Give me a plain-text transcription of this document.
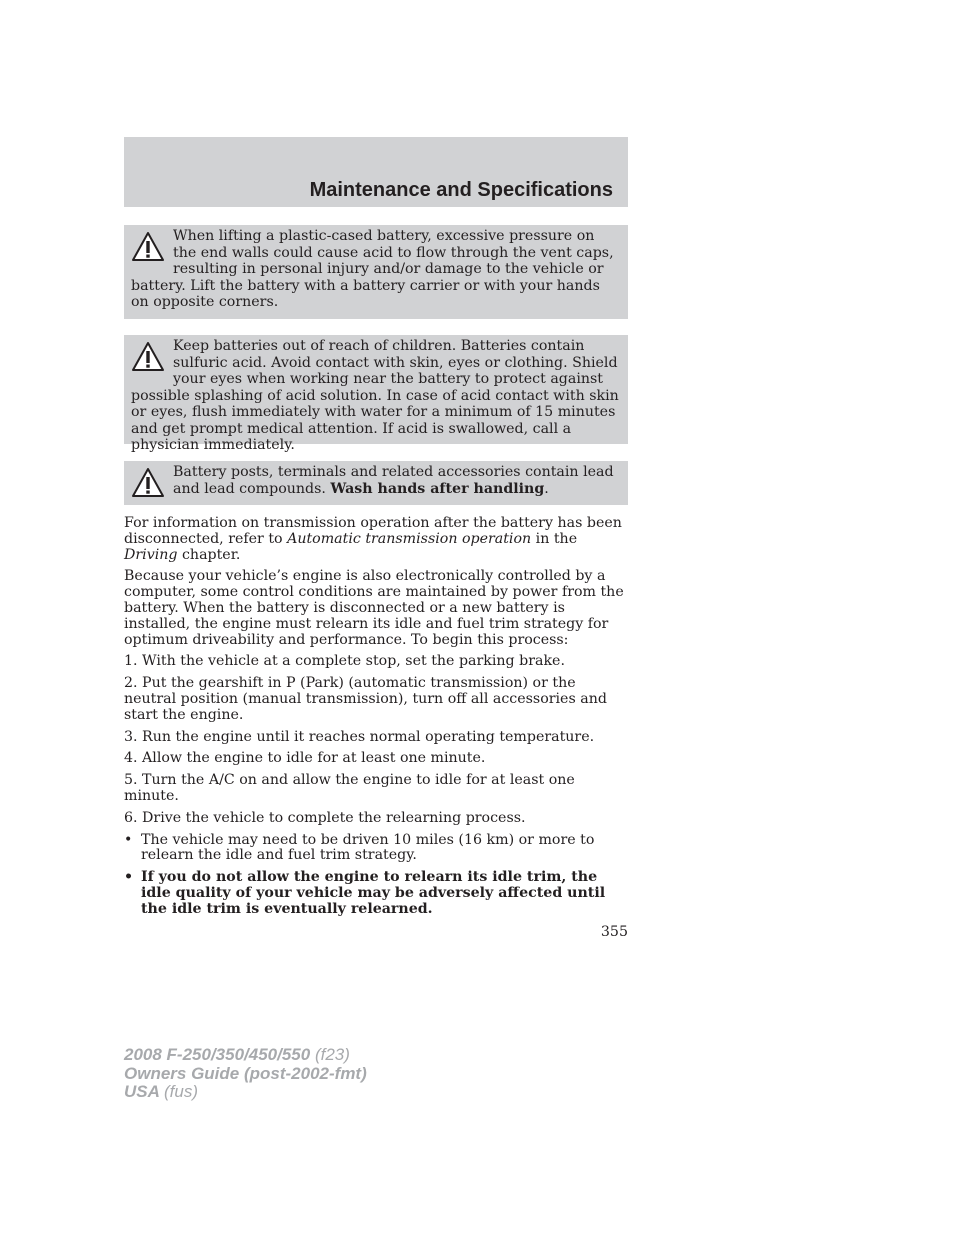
Maintenance and Specifications

When lifting a plastic-cased battery, excessive pressure on the end walls could cause acid to flow through the vent caps, resulting in personal injury and/or damage to the vehicle or battery. Lift the battery with a battery carrier or with your hands on opposite corners.

Keep batteries out of reach of children. Batteries contain sulfuric acid. Avoid contact with skin, eyes or clothing. Shield your eyes when working near the battery to protect against possible splashing of acid solution. In case of acid contact with skin or eyes, flush immediately with water for a minimum of 15 minutes and get prompt medical attention. If acid is swallowed, call a physician immediately.

Battery posts, terminals and related accessories contain lead and lead compounds. Wash hands after handling.

For information on transmission operation after the battery has been disconnected, refer to Automatic transmission operation in the Driving chapter.

Because your vehicle’s engine is also electronically controlled by a computer, some control conditions are maintained by power from the battery. When the battery is disconnected or a new battery is installed, the engine must relearn its idle and fuel trim strategy for optimum driveability and performance. To begin this process:

1. With the vehicle at a complete stop, set the parking brake.

2. Put the gearshift in P (Park) (automatic transmission) or the neutral position (manual transmission), turn off all accessories and start the engine.

3. Run the engine until it reaches normal operating temperature.

4. Allow the engine to idle for at least one minute.

5. Turn the A/C on and allow the engine to idle for at least one minute.

6. Drive the vehicle to complete the relearning process.

• The vehicle may need to be driven 10 miles (16 km) or more to relearn the idle and fuel trim strategy.
• If you do not allow the engine to relearn its idle trim, the idle quality of your vehicle may be adversely affected until the idle trim is eventually relearned.
355
2008 F-250/350/450/550 (f23)
Owners Guide (post-2002-fmt)
USA (fus)
